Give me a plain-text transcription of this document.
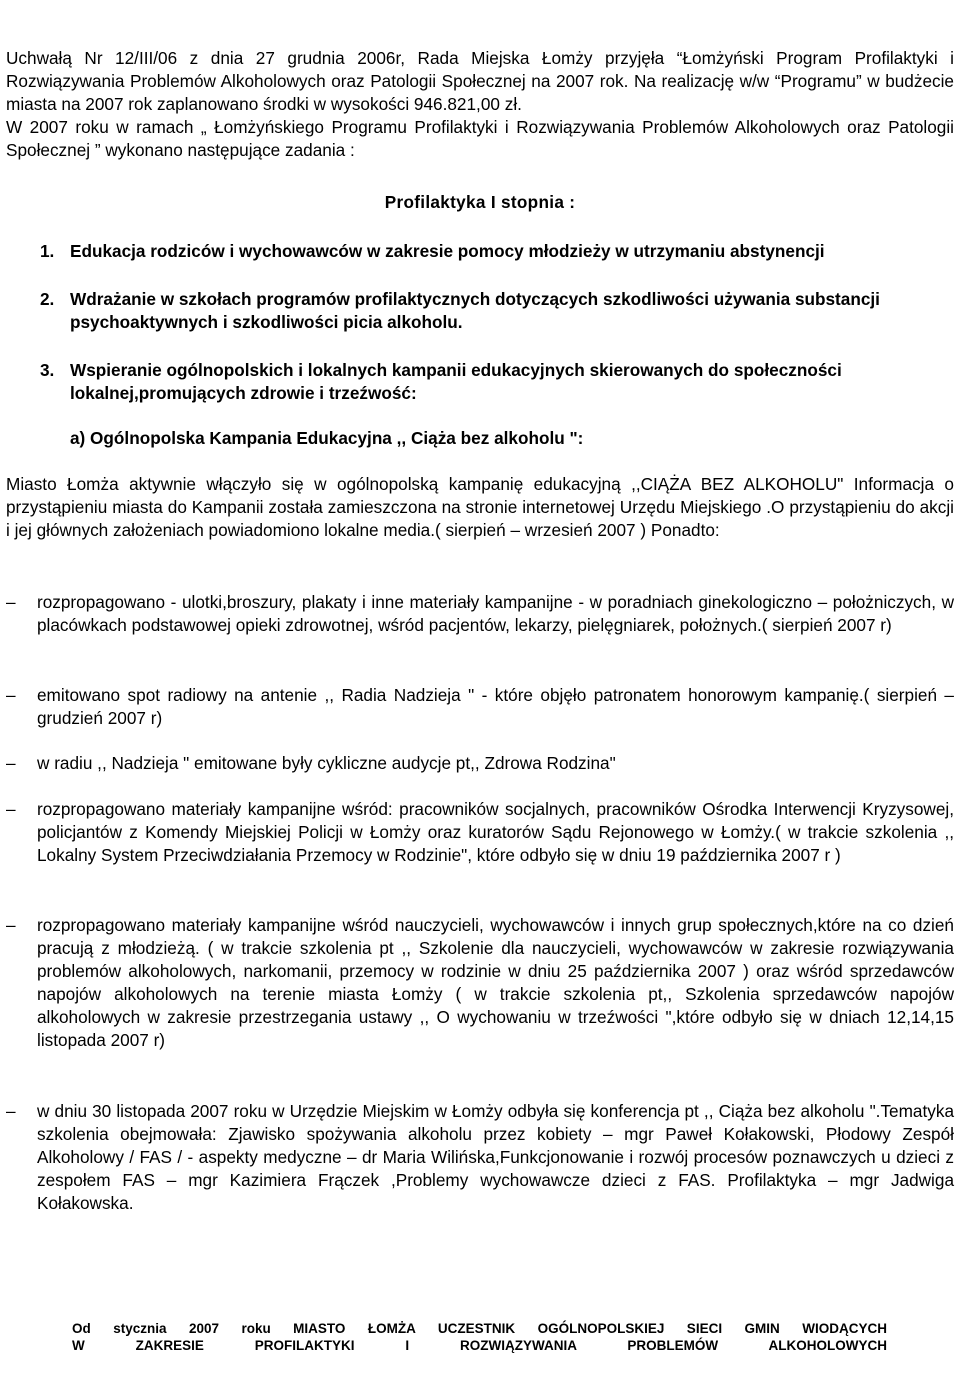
Uchwałą Nr 12/III/06 z dnia 27 grudnia 2006r, Rada Miejska Łomży przyjęła “Łomżyński Program Profilaktyki i Rozwiązywania Problemów Alkoholowych oraz Patologii Społecznej na 2007 rok. Na realizację w/w “Programu” w budżecie miasta na 2007 rok zaplanowano środki w wysokości 946.821,00 zł.

W 2007 roku w ramach „ Łomżyńskiego Programu Profilaktyki i Rozwiązywania Problemów Alkoholowych oraz Patologii Społecznej ” wykonano następujące zadania :

Profilaktyka I stopnia :
1. Edukacja rodziców i wychowawców w zakresie pomocy młodzieży w utrzymaniu abstynencji
2. Wdrażanie w szkołach programów profilaktycznych dotyczących szkodliwości używania substancji psychoaktywnych i szkodliwości picia alkoholu.
3. Wspieranie ogólnopolskich i lokalnych kampanii edukacyjnych skierowanych do społeczności lokalnej,promujących zdrowie i trzeźwość:
a) Ogólnopolska Kampania Edukacyjna ,, Ciąża bez alkoholu ":

Miasto Łomża aktywnie włączyło się w ogólnopolską kampanię edukacyjną ,,CIĄŻA BEZ ALKOHOLU" Informacja o przystąpieniu miasta do Kampanii została zamieszczona na stronie internetowej Urzędu Miejskiego .O przystąpieniu do akcji i jej głównych założeniach powiadomiono lokalne media.( sierpień – wrzesień 2007 ) Ponadto:

– rozpropagowano - ulotki,broszury, plakaty i inne materiały kampanijne - w poradniach ginekologiczno – położniczych, w placówkach podstawowej opieki zdrowotnej, wśród pacjentów, lekarzy, pielęgniarek, położnych.( sierpień 2007 r)
– emitowano spot radiowy na antenie ,, Radia Nadzieja " - które objęło patronatem honorowym kampanię.( sierpień – grudzień 2007 r)
– w radiu ,, Nadzieja " emitowane były cykliczne audycje pt,, Zdrowa Rodzina"
– rozpropagowano materiały kampanijne wśród: pracowników socjalnych, pracowników Ośrodka Interwencji Kryzysowej, policjantów z Komendy Miejskiej Policji w Łomży oraz kuratorów Sądu Rejonowego w Łomży.( w trakcie szkolenia ,, Lokalny System Przeciwdziałania Przemocy w Rodzinie", które odbyło się w dniu 19 października 2007 r )
– rozpropagowano materiały kampanijne wśród nauczycieli, wychowawców i innych grup społecznych,które na co dzień pracują z młodzieżą. ( w trakcie szkolenia pt ,, Szkolenie dla nauczycieli, wychowawców w zakresie rozwiązywania problemów alkoholowych, narkomanii, przemocy w rodzinie w dniu 25 października 2007 ) oraz wśród sprzedawców napojów alkoholowych na terenie miasta Łomży ( w trakcie szkolenia pt,, Szkolenia sprzedawców napojów alkoholowych w zakresie przestrzegania ustawy ,, O wychowaniu w trzeźwości ",które odbyło się w dniach 12,14,15 listopada 2007 r)
– w dniu 30 listopada 2007 roku w Urzędzie Miejskim w Łomży odbyła się konferencja pt ,, Ciąża bez alkoholu ".Tematyka szkolenia obejmowała: Zjawisko spożywania alkoholu przez kobiety – mgr Paweł Kołakowski, Płodowy Zespół Alkoholowy / FAS / - aspekty medyczne – dr Maria Wilińska,Funkcjonowanie i rozwój procesów poznawczych u dzieci z zespołem FAS – mgr Kazimiera Frączek ,Problemy wychowawcze dzieci z FAS. Profilaktyka – mgr Jadwiga Kołakowska.
Od stycznia 2007 roku MIASTO ŁOMŻA UCZESTNIK OGÓLNOPOLSKIEJ SIECI GMIN WIODĄCYCH
W ZAKRESIE PROFILAKTYKI I ROZWIĄZYWANIA PROBLEMÓW ALKOHOLOWYCH
